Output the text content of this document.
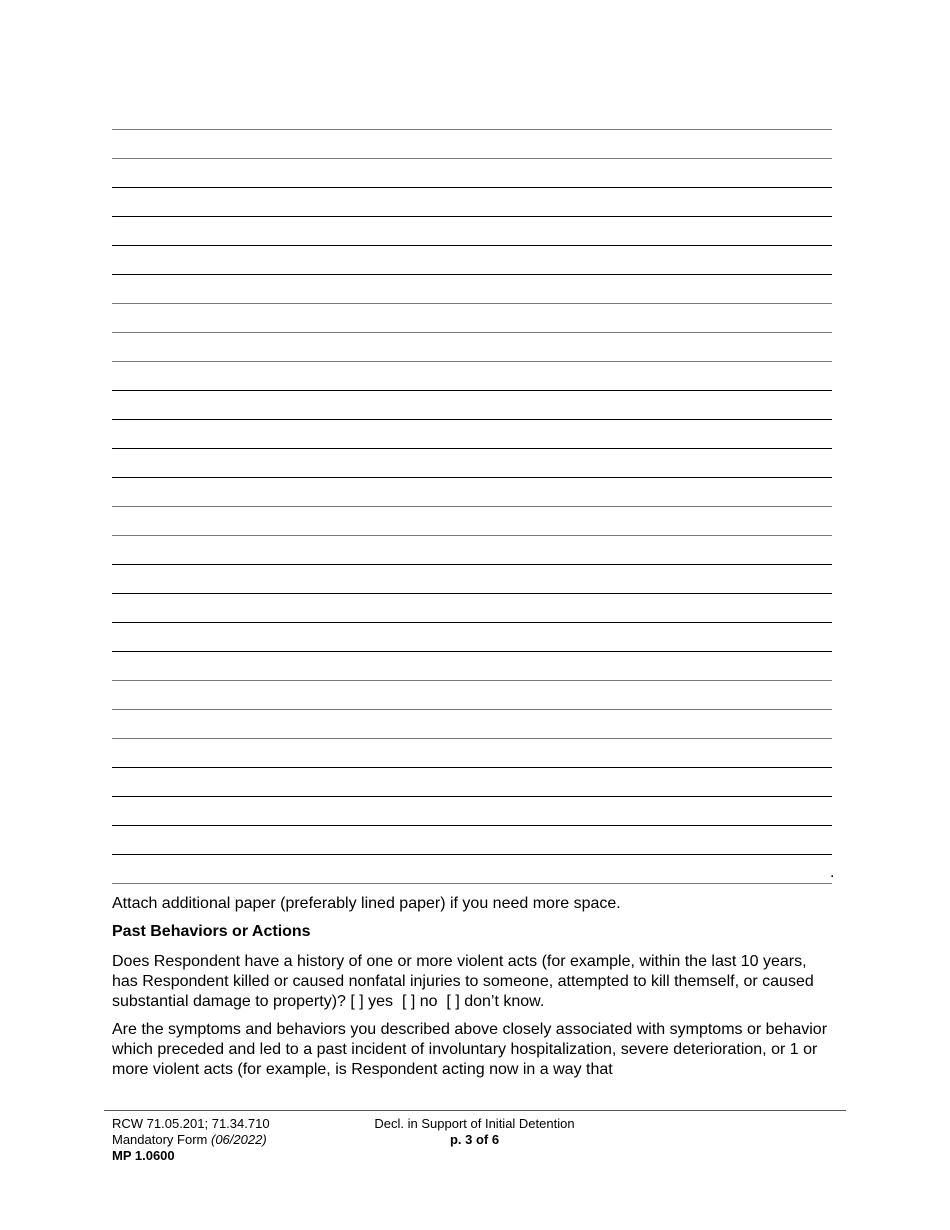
.
Attach additional paper (preferably lined paper) if you need more space.
Past Behaviors or Actions
Does Respondent have a history of one or more violent acts (for example, within the last 10 years, has Respondent killed or caused nonfatal injuries to someone, attempted to kill themself, or caused substantial damage to property)? [ ] yes [ ] no [ ] don’t know.
Are the symptoms and behaviors you described above closely associated with symptoms or behavior which preceded and led to a past incident of involuntary hospitalization, severe deterioration, or 1 or more violent acts (for example, is Respondent acting now in a way that
RCW 71.05.201; 71.34.710
Mandatory Form (06/2022)
MP 1.0600
Decl. in Support of Initial Detention
p. 3 of 6
